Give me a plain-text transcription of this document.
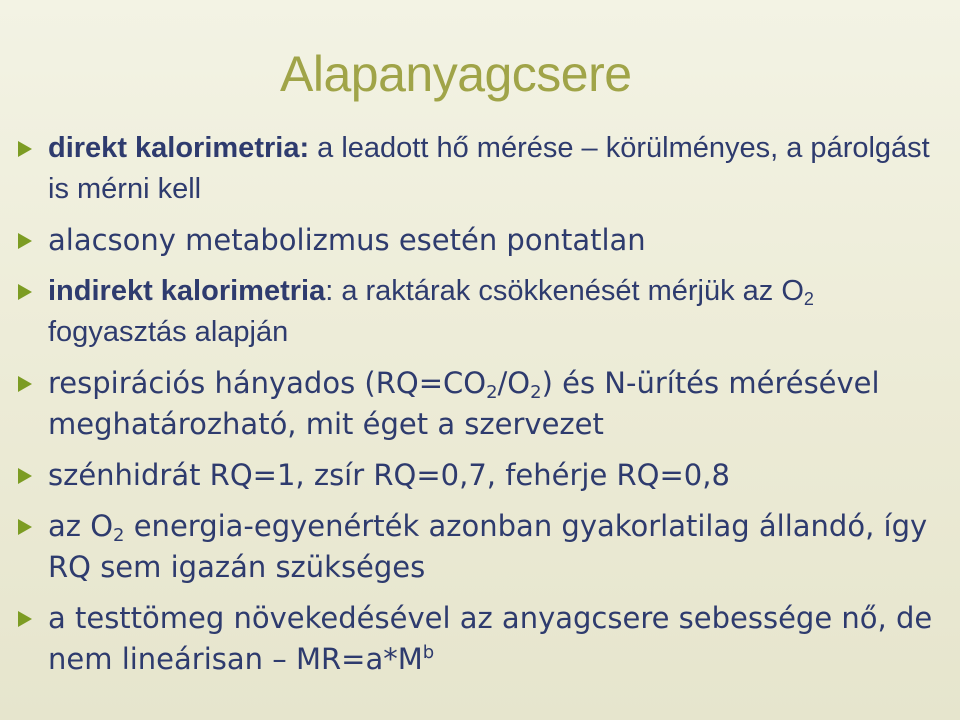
Alapanyagcsere
direkt kalorimetria: a leadott hő mérése – körülményes, a párolgást is mérni kell
alacsony metabolizmus esetén pontatlan
indirekt kalorimetria: a raktárak csökkenését mérjük az $O_2$ fogyasztás alapján
respirációs hányados $(RQ=CO_2/O_2)$ és N-ürítés mérésével meghatározható, mit éget a szervezet
szénhidrát RQ=1, zsír RQ=0,7, fehérje RQ=0,8
az $O_2$ energia-egyenérték azonban gyakorlatilag állandó, így RQ sem igazán szükséges
a testtömeg növekedésével az anyagcsere sebessége nő, de nem lineárisan – $MR=a*M^b$
